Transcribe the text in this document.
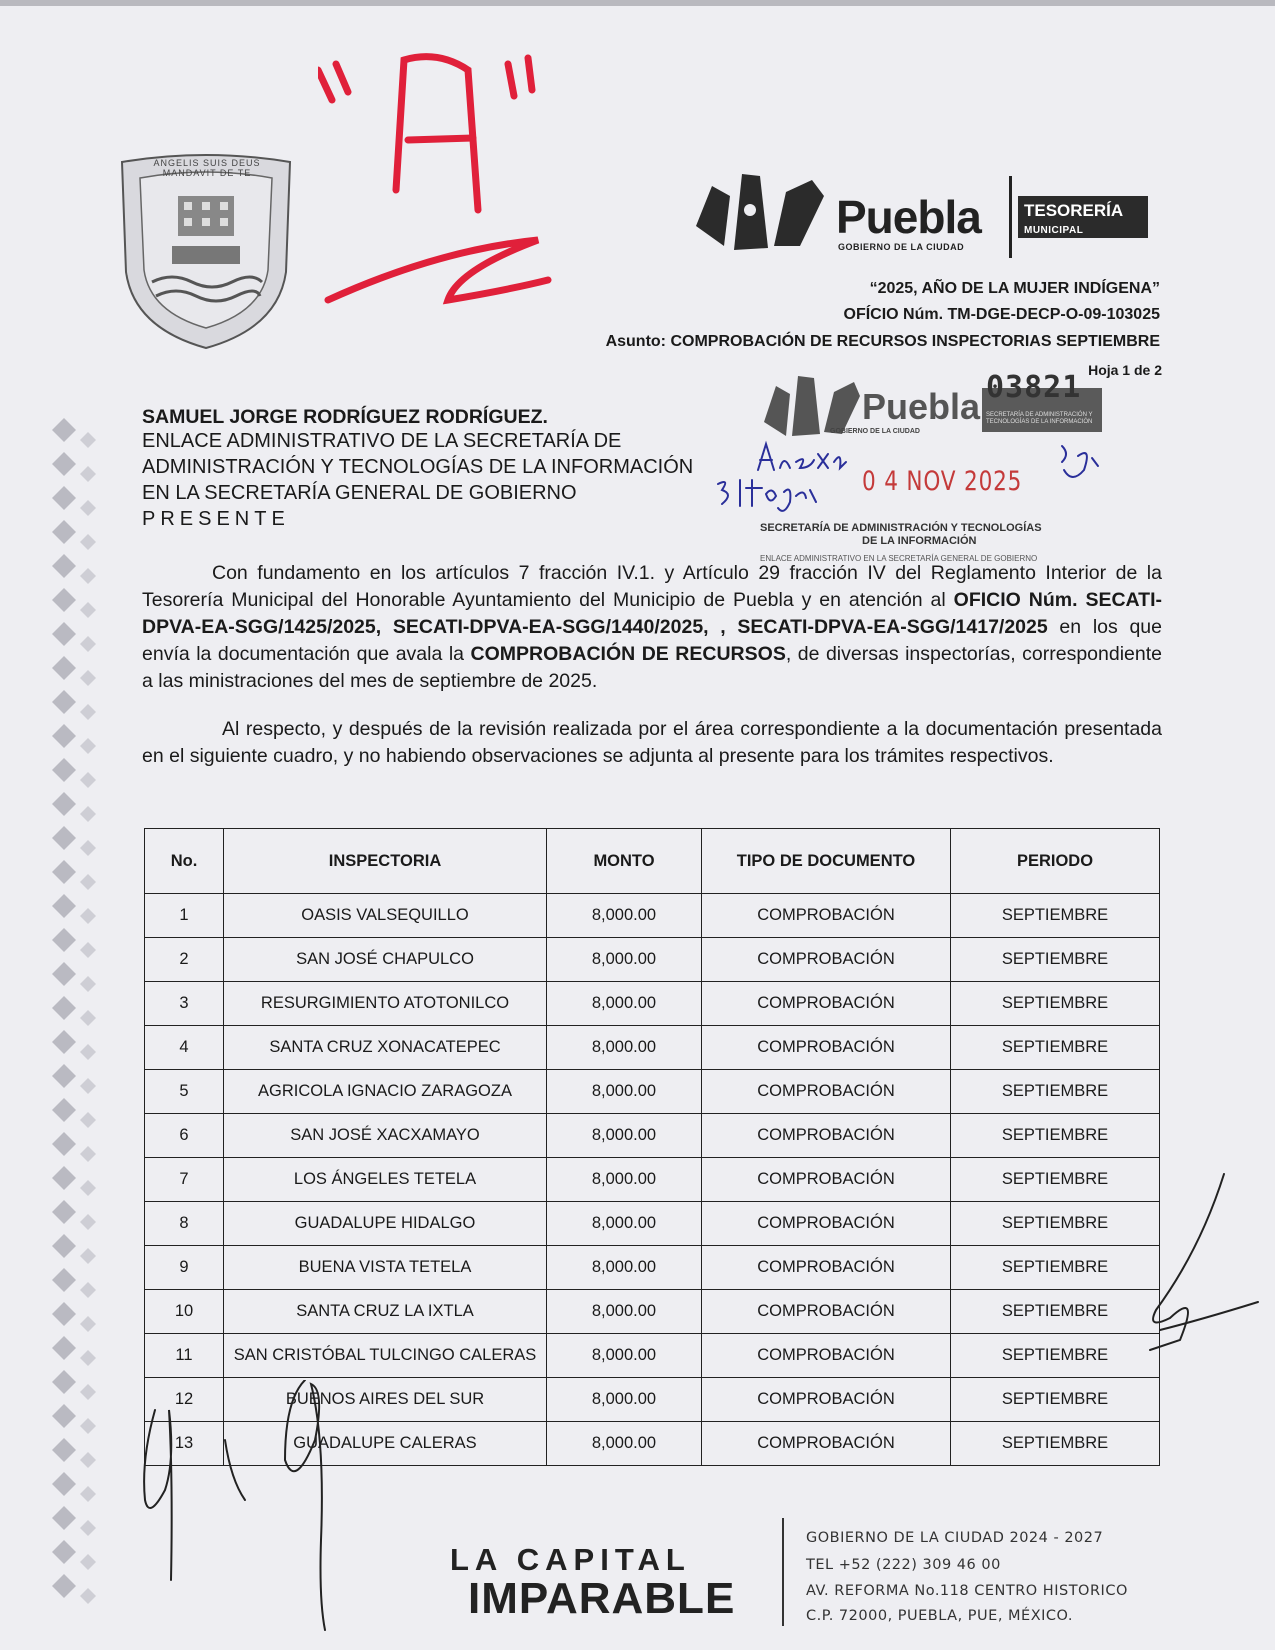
ANGELIS SUIS DEUS MANDAVIT DE TE
Puebla
GOBIERNO DE LA CIUDAD
TESORERÍA
MUNICIPAL
“2025, AÑO DE LA MUJER INDÍGENA”
OFÍCIO Núm. TM-DGE-DECP-O-09-103025
Asunto: COMPROBACIÓN DE RECURSOS INSPECTORIAS SEPTIEMBRE
Hoja 1 de 2
Puebla
GOBIERNO DE LA CIUDAD
SECRETARÍA DE ADMINISTRACIÓN Y TECNOLOGÍAS DE LA INFORMACIÓN
03821
0 4 NOV 2025
SECRETARÍA DE ADMINISTRACIÓN Y TECNOLOGÍAS
DE LA INFORMACIÓN
ENLACE ADMINISTRATIVO EN LA SECRETARÍA GENERAL DE GOBIERNO
SAMUEL JORGE RODRÍGUEZ RODRÍGUEZ.
ENLACE ADMINISTRATIVO DE LA SECRETARÍA DE
ADMINISTRACIÓN Y TECNOLOGÍAS DE LA INFORMACIÓN
EN LA SECRETARÍA GENERAL DE GOBIERNO
PRESENTE
Con fundamento en los artículos 7 fracción IV.1. y Artículo 29 fracción IV del Reglamento Interior de la Tesorería Municipal del Honorable Ayuntamiento del Municipio de Puebla y en atención al OFICIO Núm. SECATI-DPVA-EA-SGG/1425/2025, SECATI-DPVA-EA-SGG/1440/2025, , SECATI-DPVA-EA-SGG/1417/2025 en los que envía la documentación que avala la COMPROBACIÓN DE RECURSOS, de diversas inspectorías, correspondiente a las ministraciones del mes de septiembre de 2025.
Al respecto, y después de la revisión realizada por el área correspondiente a la documentación presentada en el siguiente cuadro, y no habiendo observaciones se adjunta al presente para los trámites respectivos.
No.	INSPECTORIA	MONTO	TIPO DE DOCUMENTO	PERIODO
1	OASIS VALSEQUILLO	8,000.00	COMPROBACIÓN	SEPTIEMBRE
2	SAN JOSÉ CHAPULCO	8,000.00	COMPROBACIÓN	SEPTIEMBRE
3	RESURGIMIENTO ATOTONILCO	8,000.00	COMPROBACIÓN	SEPTIEMBRE
4	SANTA CRUZ XONACATEPEC	8,000.00	COMPROBACIÓN	SEPTIEMBRE
5	AGRICOLA IGNACIO ZARAGOZA	8,000.00	COMPROBACIÓN	SEPTIEMBRE
6	SAN JOSÉ XACXAMAYO	8,000.00	COMPROBACIÓN	SEPTIEMBRE
7	LOS ÁNGELES TETELA	8,000.00	COMPROBACIÓN	SEPTIEMBRE
8	GUADALUPE HIDALGO	8,000.00	COMPROBACIÓN	SEPTIEMBRE
9	BUENA VISTA TETELA	8,000.00	COMPROBACIÓN	SEPTIEMBRE
10	SANTA CRUZ LA IXTLA	8,000.00	COMPROBACIÓN	SEPTIEMBRE
11	SAN CRISTÓBAL TULCINGO CALERAS	8,000.00	COMPROBACIÓN	SEPTIEMBRE
12	BUENOS AIRES DEL SUR	8,000.00	COMPROBACIÓN	SEPTIEMBRE
13	GUADALUPE CALERAS	8,000.00	COMPROBACIÓN	SEPTIEMBRE
LA CAPITAL
IMPARABLE
GOBIERNO DE LA CIUDAD 2024 - 2027
TEL +52 (222) 309 46 00
AV. REFORMA No.118 CENTRO HISTORICO
C.P. 72000, PUEBLA, PUE, MÉXICO.
